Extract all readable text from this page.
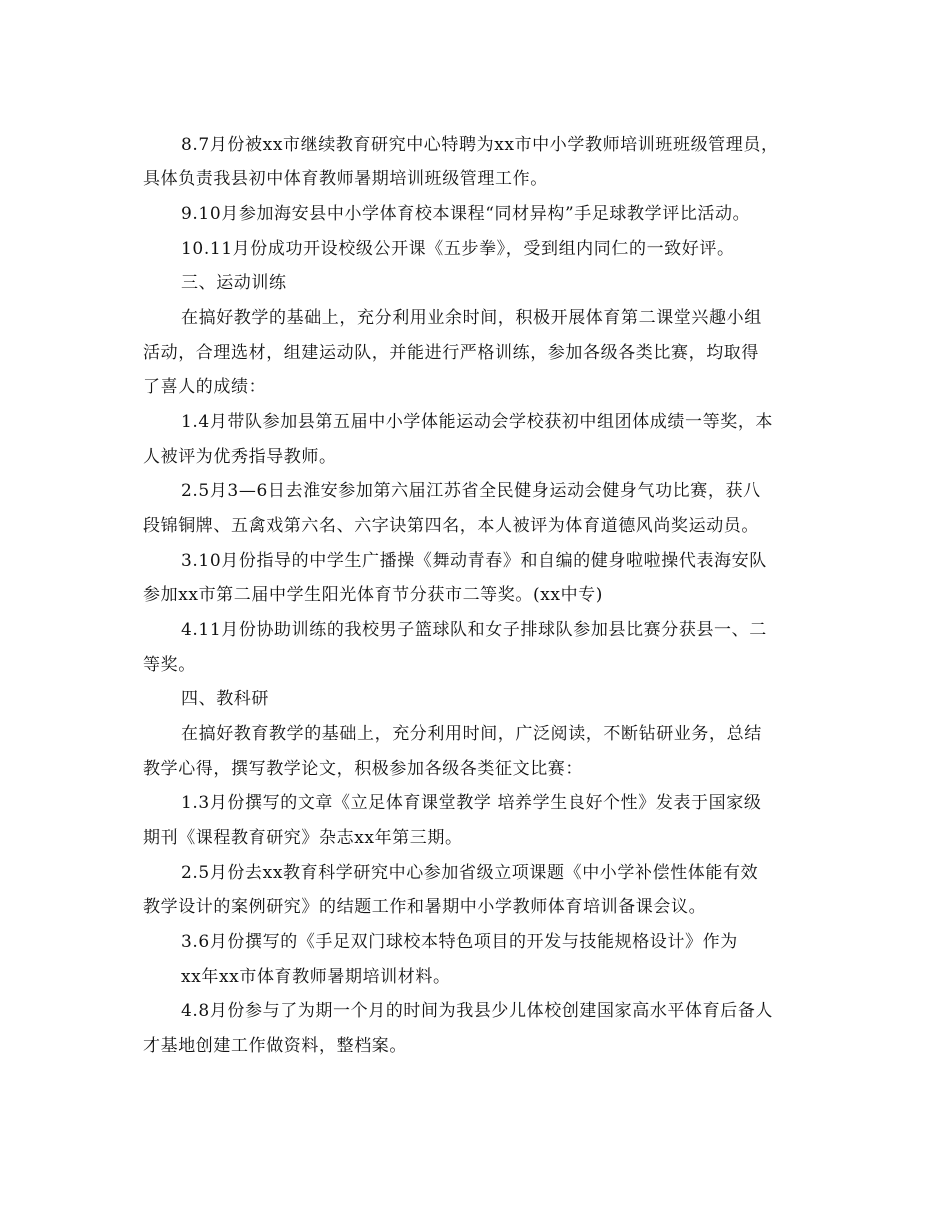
8.7月份被xx市继续教育研究中心特聘为xx市中小学教师培训班班级管理员，
具体负责我县初中体育教师暑期培训班级管理工作。
9.10月参加海安县中小学体育校本课程“同材异构”手足球教学评比活动。
10.11月份成功开设校级公开课《五步拳》，受到组内同仁的一致好评。
三、运动训练
在搞好教学的基础上，充分利用业余时间，积极开展体育第二课堂兴趣小组
活动，合理选材，组建运动队，并能进行严格训练，参加各级各类比赛，均取得
了喜人的成绩：
1.4月带队参加县第五届中小学体能运动会学校获初中组团体成绩一等奖，本
人被评为优秀指导教师。
2.5月3—6日去淮安参加第六届江苏省全民健身运动会健身气功比赛，获八
段锦铜牌、五禽戏第六名、六字诀第四名，本人被评为体育道德风尚奖运动员。
3.10月份指导的中学生广播操《舞动青春》和自编的健身啦啦操代表海安队
参加xx市第二届中学生阳光体育节分获市二等奖。(xx中专)
4.11月份协助训练的我校男子篮球队和女子排球队参加县比赛分获县一、二
等奖。
四、教科研
在搞好教育教学的基础上，充分利用时间，广泛阅读，不断钻研业务，总结
教学心得，撰写教学论文，积极参加各级各类征文比赛：
1.3月份撰写的文章《立足体育课堂教学 培养学生良好个性》发表于国家级
期刊《课程教育研究》杂志xx年第三期。
2.5月份去xx教育科学研究中心参加省级立项课题《中小学补偿性体能有效
教学设计的案例研究》的结题工作和暑期中小学教师体育培训备课会议。
3.6月份撰写的《手足双门球校本特色项目的开发与技能规格设计》作为
xx年xx市体育教师暑期培训材料。
4.8月份参与了为期一个月的时间为我县少儿体校创建国家高水平体育后备人
才基地创建工作做资料，整档案。
